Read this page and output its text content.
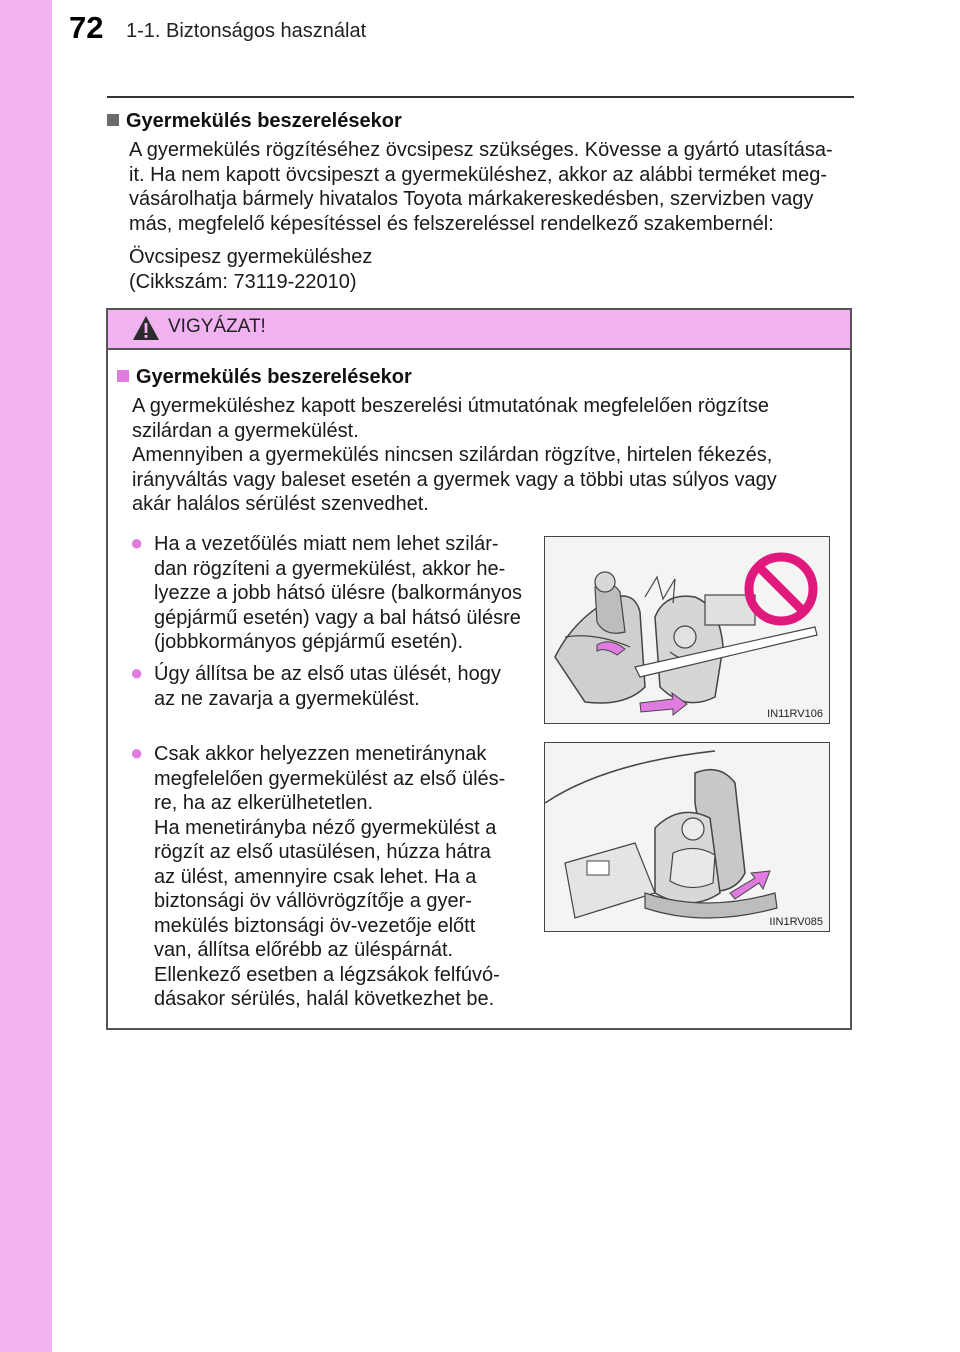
72 1-1. Biztonságos használat
Gyermekülés beszerelésekor
A gyermekülés rögzítéséhez övcsipesz szükséges. Kövesse a gyártó utasítása-
it. Ha nem kapott övcsipeszt a gyermeküléshez, akkor az alábbi terméket meg-
vásárolhatja bármely hivatalos Toyota márkakereskedésben, szervizben vagy
más, megfelelő képesítéssel és felszereléssel rendelkező szakembernél:
Övcsipesz gyermeküléshez
(Cikkszám: 73119-22010)
VIGYÁZAT!
Gyermekülés beszerelésekor
A gyermeküléshez kapott beszerelési útmutatónak megfelelően rögzítse
szilárdan a gyermekülést.
Amennyiben a gyermekülés nincsen szilárdan rögzítve, hirtelen fékezés,
irányváltás vagy baleset esetén a gyermek vagy a többi utas súlyos vagy
akár halálos sérülést szenvedhet.
● Ha a vezetőülés miatt nem lehet szilár-
dan rögzíteni a gyermekülést, akkor he-
lyezze a jobb hátsó ülésre (balkormányos
gépjármű esetén) vagy a bal hátsó ülésre
(jobbkormányos gépjármű esetén).
● Úgy állítsa be az első utas ülését, hogy
az ne zavarja a gyermekülést.
● Csak akkor helyezzen menetiránynak
megfelelően gyermekülést az első ülés-
re, ha az elkerülhetetlen.
Ha menetirányba néző gyermekülést a
rögzít az első utasülésen, húzza hátra
az ülést, amennyire csak lehet. Ha a
biztonsági öv vállövrögzítője a gyer-
mekülés biztonsági öv-vezetője előtt
van, állítsa előrébb az üléspárnát.
Ellenkező esetben a légzsákok felfúvó-
dásakor sérülés, halál következhet be.
IN11RV106
IIN1RV085
